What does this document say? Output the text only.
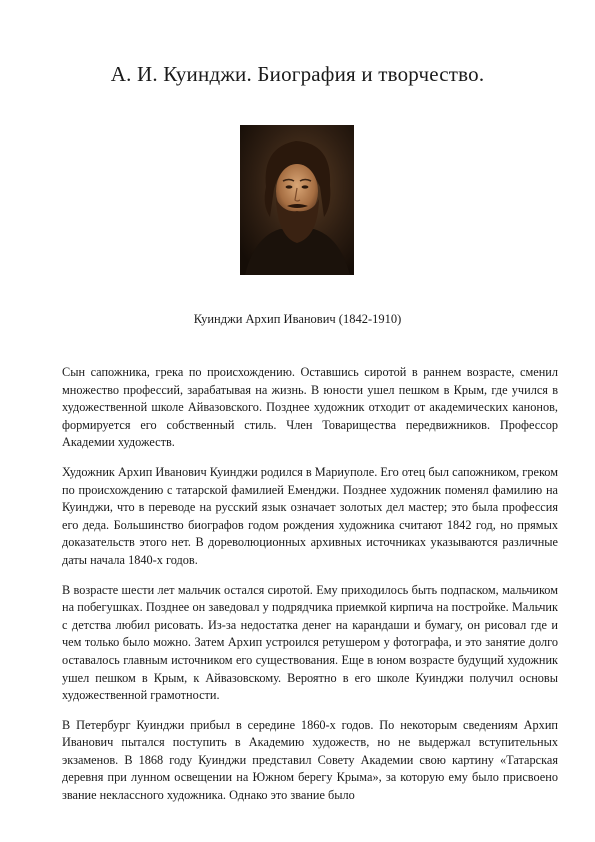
А. И. Куинджи. Биография и творчество.

Куинджи Архип Иванович (1842-1910)

Сын сапожника, грека по происхождению. Оставшись сиротой в раннем возрасте, сменил множество профессий, зарабатывая на жизнь. В юности ушел пешком в Крым, где учился в художественной школе Айвазовского. Позднее художник отходит от академических канонов, формируется его собственный стиль. Член Товарищества передвижников. Профессор Академии художеств.

Художник Архип Иванович Куинджи родился в Мариуполе. Его отец был сапожником, греком по происхождению с татарской фамилией Еменджи. Позднее художник поменял фамилию на Куинджи, что в переводе на русский язык означает золотых дел мастер; это была профессия его деда. Большинство биографов годом рождения художника считают 1842 год, но прямых доказательств этого нет. В дореволюционных архивных источниках указываются различные даты начала 1840-х годов.

В возрасте шести лет мальчик остался сиротой. Ему приходилось быть подпаском, мальчиком на побегушках. Позднее он заведовал у подрядчика приемкой кирпича на постройке. Мальчик с детства любил рисовать. Из-за недостатка денег на карандаши и бумагу, он рисовал где и чем только было можно. Затем Архип устроился ретушером у фотографа, и это занятие долго оставалось главным источником его существования. Еще в юном возрасте будущий художник ушел пешком в Крым, к Айвазовскому. Вероятно в его школе Куинджи получил основы художественной грамотности.

В Петербург Куинджи прибыл в середине 1860-х годов. По некоторым сведениям Архип Иванович пытался поступить в Академию художеств, но не выдержал вступительных экзаменов. В 1868 году Куинджи представил Совету Академии свою картину «Татарская деревня при лунном освещении на Южном берегу Крыма», за которую ему было присвоено звание неклассного художника. Однако это звание было
